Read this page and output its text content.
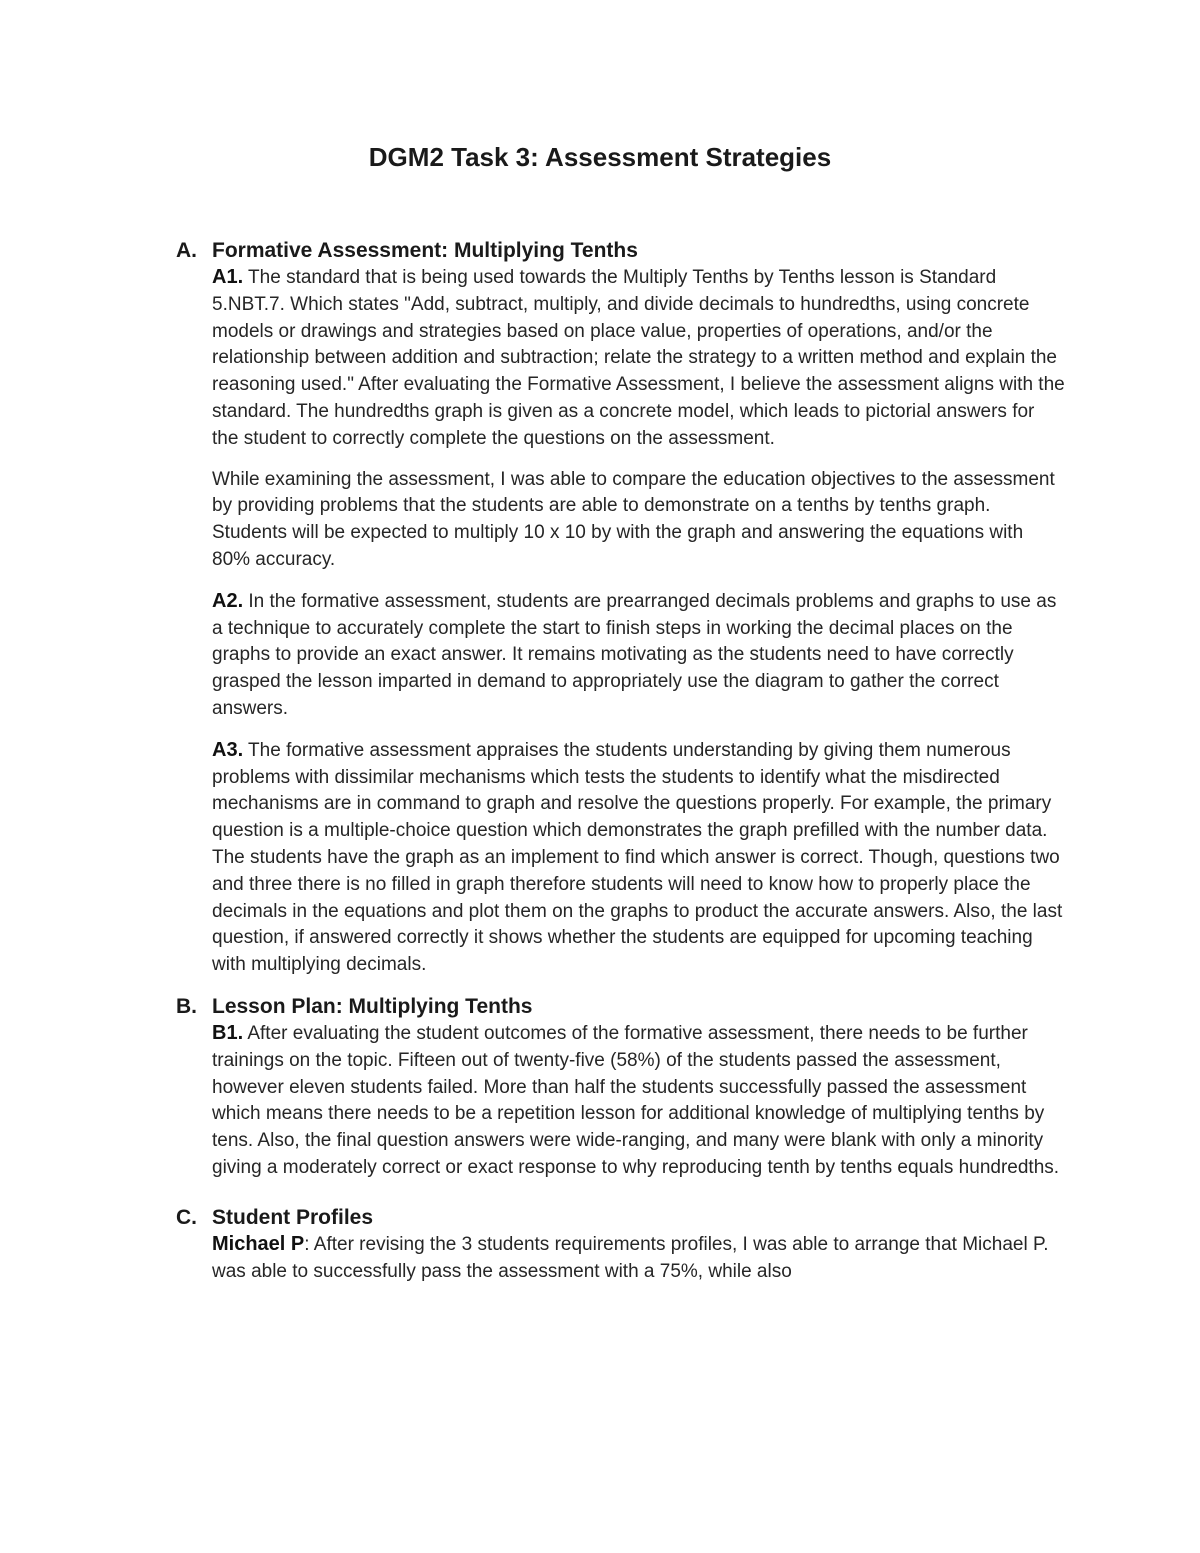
DGM2 Task 3: Assessment Strategies
A. Formative Assessment: Multiplying Tenths

A1. The standard that is being used towards the Multiply Tenths by Tenths lesson is Standard 5.NBT.7. Which states "Add, subtract, multiply, and divide decimals to hundredths, using concrete models or drawings and strategies based on place value, properties of operations, and/or the relationship between addition and subtraction; relate the strategy to a written method and explain the reasoning used." After evaluating the Formative Assessment, I believe the assessment aligns with the standard. The hundredths graph is given as a concrete model, which leads to pictorial answers for the student to correctly complete the questions on the assessment.

While examining the assessment, I was able to compare the education objectives to the assessment by providing problems that the students are able to demonstrate on a tenths by tenths graph. Students will be expected to multiply 10 x 10 by with the graph and answering the equations with 80% accuracy.

A2. In the formative assessment, students are prearranged decimals problems and graphs to use as a technique to accurately complete the start to finish steps in working the decimal places on the graphs to provide an exact answer. It remains motivating as the students need to have correctly grasped the lesson imparted in demand to appropriately use the diagram to gather the correct answers.

A3. The formative assessment appraises the students understanding by giving them numerous problems with dissimilar mechanisms which tests the students to identify what the misdirected mechanisms are in command to graph and resolve the questions properly. For example, the primary question is a multiple-choice question which demonstrates the graph prefilled with the number data. The students have the graph as an implement to find which answer is correct. Though, questions two and three there is no filled in graph therefore students will need to know how to properly place the decimals in the equations and plot them on the graphs to product the accurate answers. Also, the last question, if answered correctly it shows whether the students are equipped for upcoming teaching with multiplying decimals.

B. Lesson Plan: Multiplying Tenths

B1. After evaluating the student outcomes of the formative assessment, there needs to be further trainings on the topic. Fifteen out of twenty-five (58%) of the students passed the assessment, however eleven students failed. More than half the students successfully passed the assessment which means there needs to be a repetition lesson for additional knowledge of multiplying tenths by tens. Also, the final question answers were wide-ranging, and many were blank with only a minority giving a moderately correct or exact response to why reproducing tenth by tenths equals hundredths.

C. Student Profiles

Michael P: After revising the 3 students requirements profiles, I was able to arrange that Michael P. was able to successfully pass the assessment with a 75%, while also
